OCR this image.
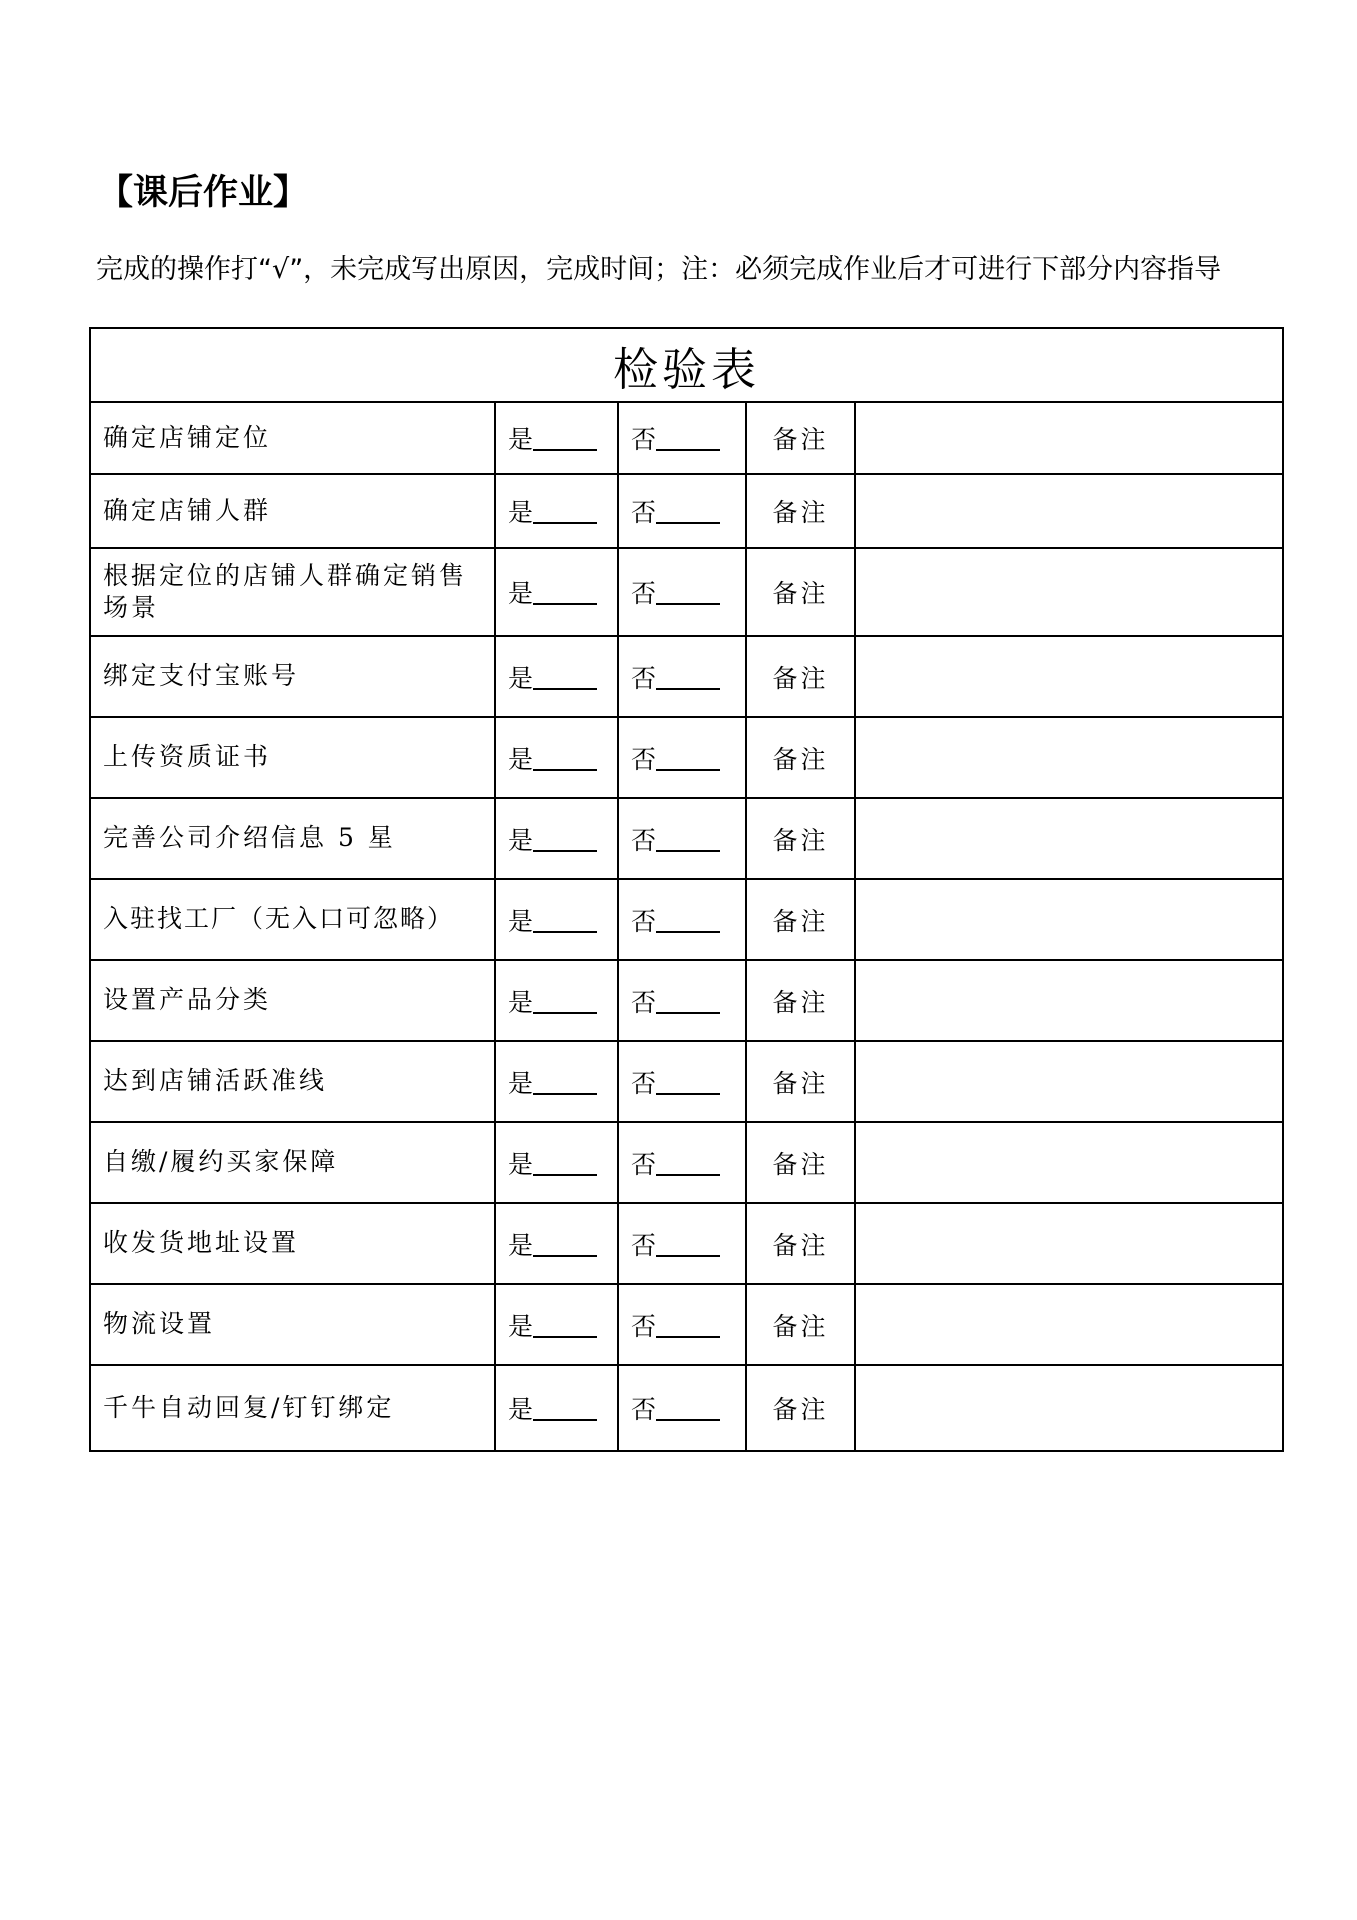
【课后作业】

完成的操作打“√”，未完成写出原因，完成时间；注：必须完成作业后才可进行下部分内容指导

检验表				
确定店铺定位	是	否	备注	
确定店铺人群	是	否	备注	
根据定位的店铺人群确定销售场景	是	否	备注	
绑定支付宝账号	是	否	备注	
上传资质证书	是	否	备注	
完善公司介绍信息 5 星	是	否	备注	
入驻找工厂（无入口可忽略）	是	否	备注	
设置产品分类	是	否	备注	
达到店铺活跃准线	是	否	备注	
自缴/履约买家保障	是	否	备注	
收发货地址设置	是	否	备注	
物流设置	是	否	备注	
千牛自动回复/钉钉绑定	是	否	备注	
